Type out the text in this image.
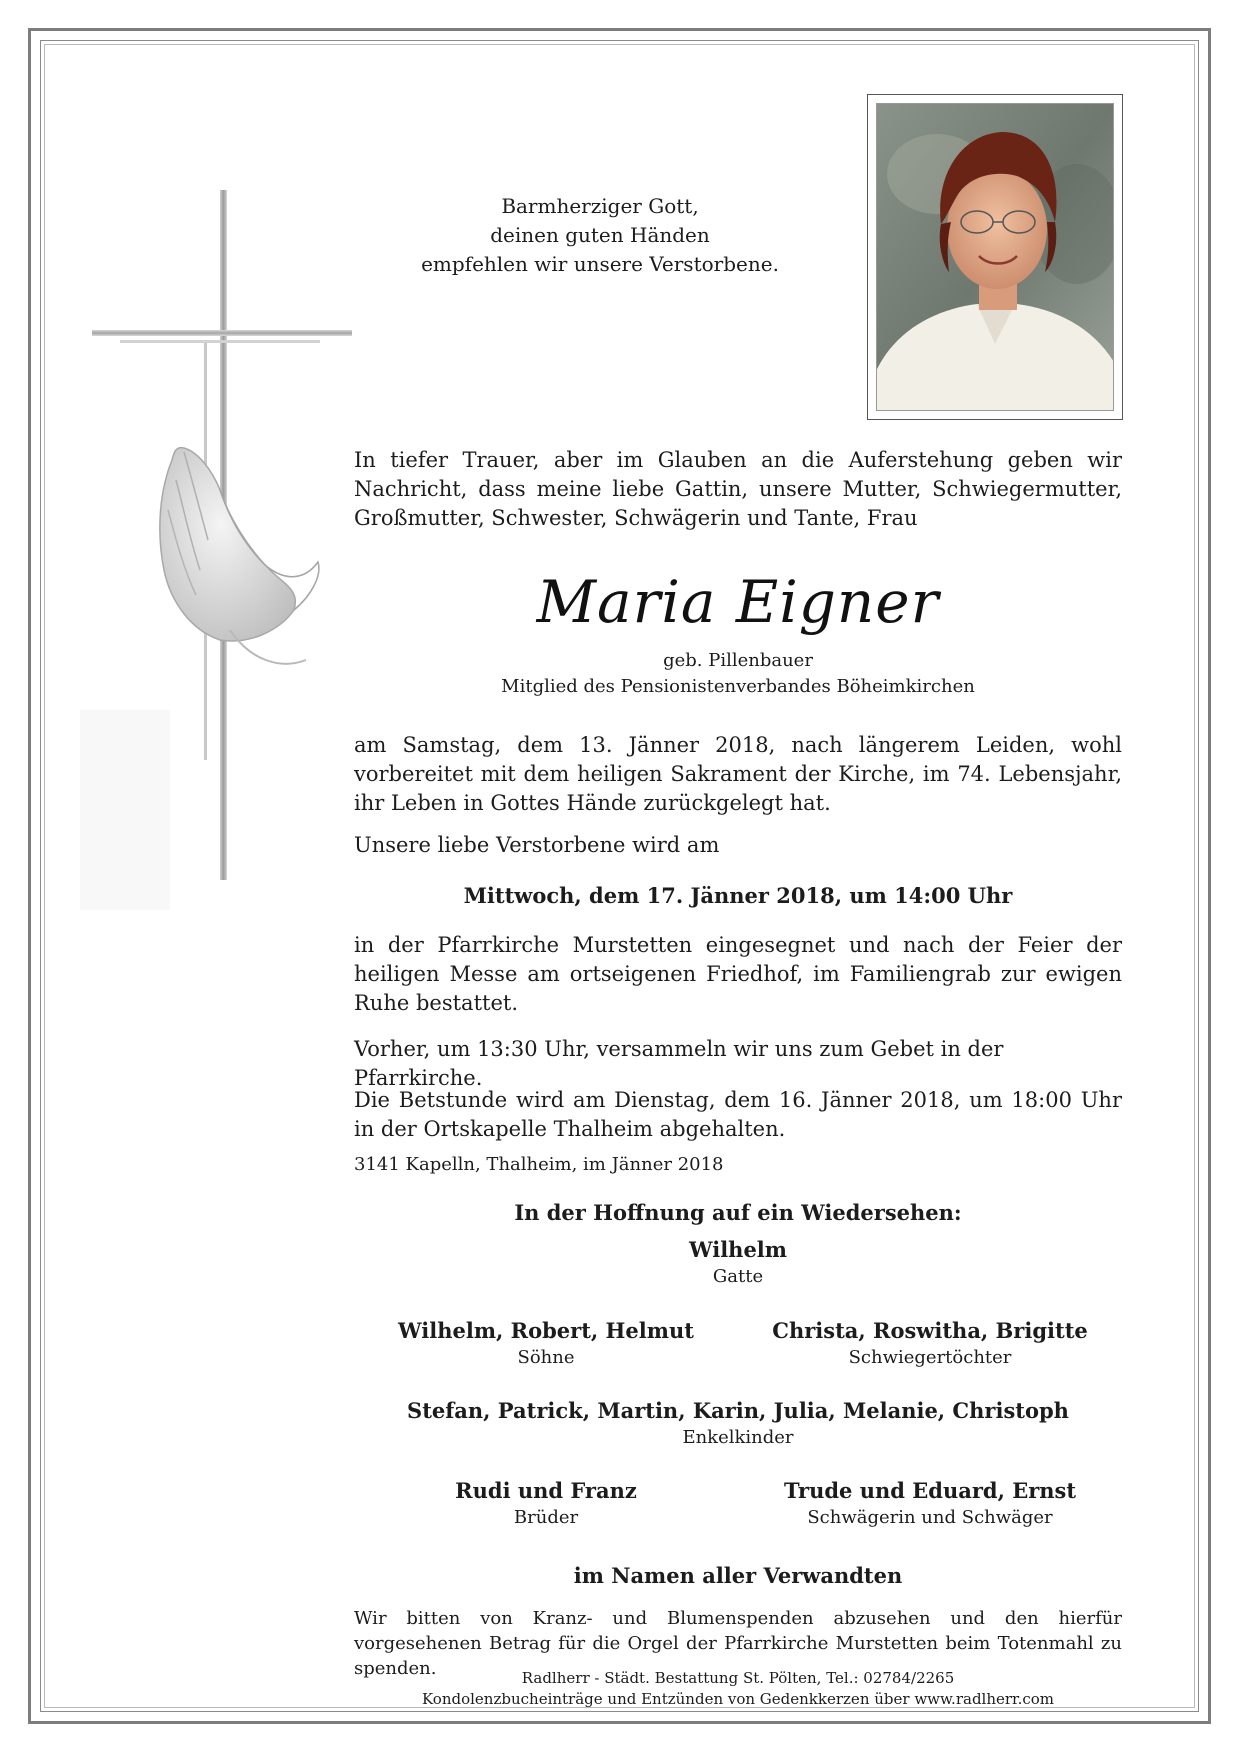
Barmherziger Gott,
deinen guten Händen
empfehlen wir unsere Verstorbene.
In tiefer Trauer, aber im Glauben an die Auferstehung geben wir Nachricht, dass meine liebe Gattin, unsere Mutter, Schwiegermutter, Großmutter, Schwester, Schwägerin und Tante, Frau
Maria Eigner
geb. Pillenbauer
Mitglied des Pensionistenverbandes Böheimkirchen
am Samstag, dem 13. Jänner 2018, nach längerem Leiden, wohl vorbereitet mit dem heiligen Sakrament der Kirche, im 74. Lebensjahr, ihr Leben in Gottes Hände zurückgelegt hat.
Unsere liebe Verstorbene wird am
Mittwoch, dem 17. Jänner 2018, um 14:00 Uhr
in der Pfarrkirche Murstetten eingesegnet und nach der Feier der heiligen Messe am ortseigenen Friedhof, im Familiengrab zur ewigen Ruhe bestattet.
Vorher, um 13:30 Uhr, versammeln wir uns zum Gebet in der Pfarrkirche.
Die Betstunde wird am Dienstag, dem 16. Jänner 2018, um 18:00 Uhr in der Ortskapelle Thalheim abgehalten.
3141 Kapelln, Thalheim, im Jänner 2018
In der Hoffnung auf ein Wiedersehen:
Wilhelm
Gatte
Wilhelm, Robert, Helmut
Söhne
Christa, Roswitha, Brigitte
Schwiegertöchter
Stefan, Patrick, Martin, Karin, Julia, Melanie, Christoph
Enkelkinder
Rudi und Franz
Brüder
Trude und Eduard, Ernst
Schwägerin und Schwäger
im Namen aller Verwandten
Wir bitten von Kranz- und Blumenspenden abzusehen und den hierfür vorgesehenen Betrag für die Orgel der Pfarrkirche Murstetten beim Totenmahl zu spenden.	Radlherr - Städt. Bestattung St. Pölten, Tel.: 02784/2265
Kondolenzbucheinträge und Entzünden von Gedenkkerzen über www.radlherr.com
